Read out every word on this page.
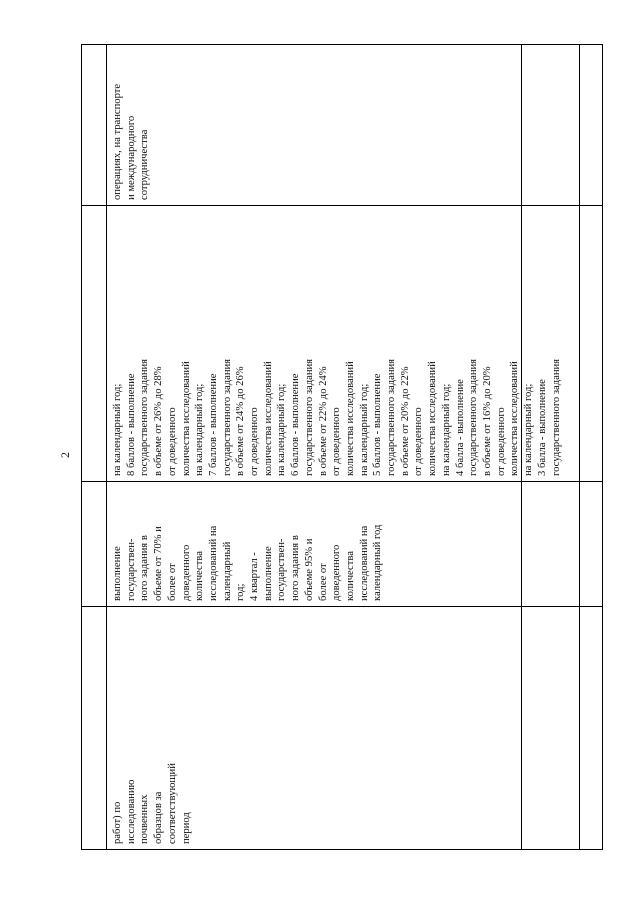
2

работ) по
исследованию
почвенных
образцов за
соответствующий
период

выполнение
государствен-
ного задания в
объеме от 70% и
более от
доведенного
количества
исследований на
календарный
год;
4 квартал -
выполнение
государствен-
ного задания в
объеме 95% и
более от
доведенного
количества
исследований на
календарный год

на календарный год;
8 баллов - выполнение
государственного задания
в объеме от 26% до 28%
от доведенного
количества исследований
на календарный год;
7 баллов - выполнение
государственного задания
в объеме от 24% до 26%
от доведенного
количества исследований
на календарный год;
6 баллов - выполнение
государственного задания
в объеме от 22% до 24%
от доведенного
количества исследований
на календарный год;
5 баллов - выполнение
государственного задания
в объеме от 20% до 22%
от доведенного
количества исследований
на календарный год;
4 балла - выполнение
государственного задания
в объеме от 16% до 20%
от доведенного
количества исследований
на календарный год;
3 балла - выполнение
государственного задания

операциях, на транспорте
и международного
сотрудничества
